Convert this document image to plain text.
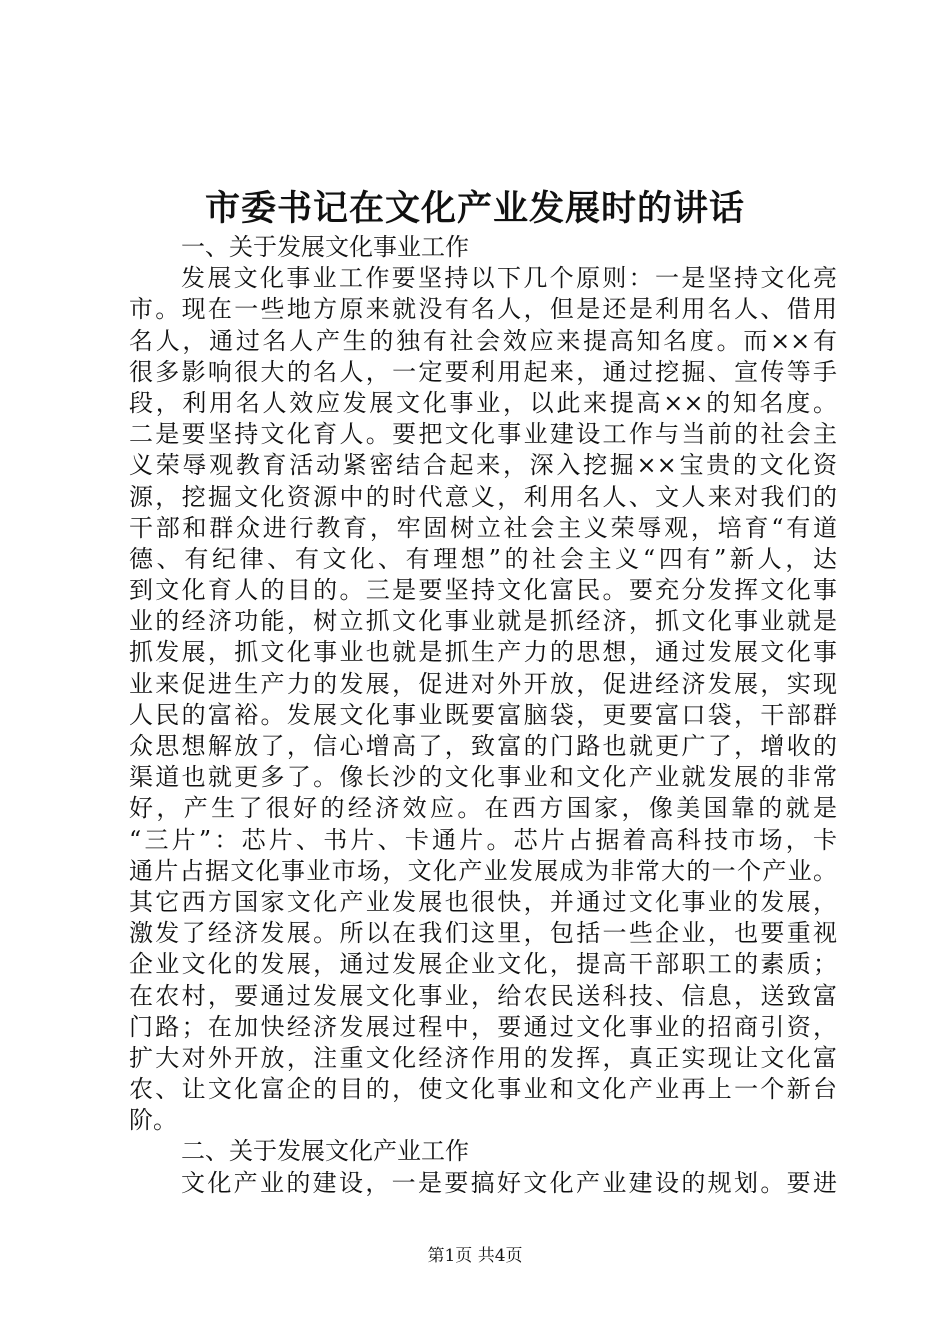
市委书记在文化产业发展时的讲话
一、关于发展文化事业工作
发展文化事业工作要坚持以下几个原则：一是坚持文化亮
市。现在一些地方原来就没有名人，但是还是利用名人、借用
名人，通过名人产生的独有社会效应来提高知名度。而××有
很多影响很大的名人，一定要利用起来，通过挖掘、宣传等手
段，利用名人效应发展文化事业，以此来提高××的知名度。
二是要坚持文化育人。要把文化事业建设工作与当前的社会主
义荣辱观教育活动紧密结合起来，深入挖掘××宝贵的文化资
源，挖掘文化资源中的时代意义，利用名人、文人来对我们的
干部和群众进行教育，牢固树立社会主义荣辱观，培育“有道
德、有纪律、有文化、有理想”的社会主义“四有”新人，达
到文化育人的目的。三是要坚持文化富民。要充分发挥文化事
业的经济功能，树立抓文化事业就是抓经济，抓文化事业就是
抓发展，抓文化事业也就是抓生产力的思想，通过发展文化事
业来促进生产力的发展，促进对外开放，促进经济发展，实现
人民的富裕。发展文化事业既要富脑袋，更要富口袋，干部群
众思想解放了，信心增高了，致富的门路也就更广了，增收的
渠道也就更多了。像长沙的文化事业和文化产业就发展的非常
好，产生了很好的经济效应。在西方国家，像美国靠的就是
“三片”：芯片、书片、卡通片。芯片占据着高科技市场，卡
通片占据文化事业市场，文化产业发展成为非常大的一个产业。
其它西方国家文化产业发展也很快，并通过文化事业的发展，
激发了经济发展。所以在我们这里，包括一些企业，也要重视
企业文化的发展，通过发展企业文化，提高干部职工的素质；
在农村，要通过发展文化事业，给农民送科技、信息，送致富
门路；在加快经济发展过程中，要通过文化事业的招商引资，
扩大对外开放，注重文化经济作用的发挥，真正实现让文化富
农、让文化富企的目的，使文化事业和文化产业再上一个新台
阶。
二、关于发展文化产业工作
文化产业的建设，一是要搞好文化产业建设的规划。要进
第1页 共4页
